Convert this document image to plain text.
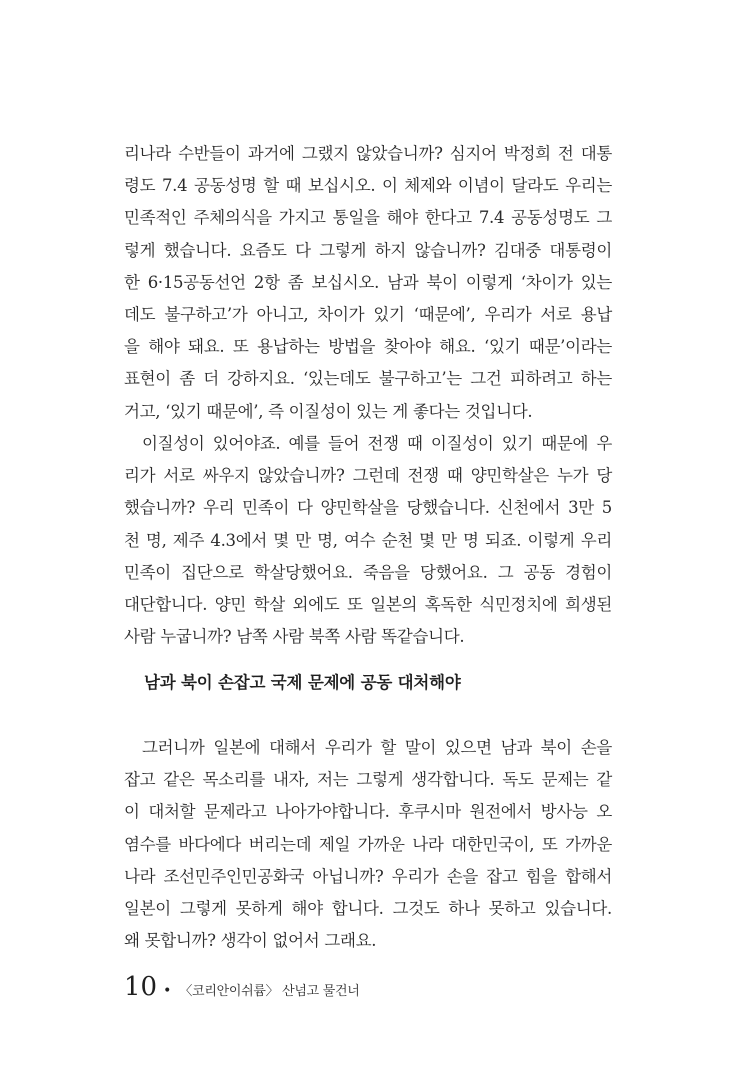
리나라 수반들이 과거에 그랬지 않았습니까? 심지어 박정희 전 대통
령도 7.4 공동성명 할 때 보십시오. 이 체제와 이념이 달라도 우리는
민족적인 주체의식을 가지고 통일을 해야 한다고 7.4 공동성명도 그
렇게 했습니다. 요즘도 다 그렇게 하지 않습니까? 김대중 대통령이
한 6·15공동선언 2항 좀 보십시오. 남과 북이 이렇게 ‘차이가 있는
데도 불구하고’가 아니고, 차이가 있기 ‘때문에’, 우리가 서로 용납
을 해야 돼요. 또 용납하는 방법을 찾아야 해요. ‘있기 때문’이라는
표현이 좀 더 강하지요. ‘있는데도 불구하고’는 그건 피하려고 하는
거고, ‘있기 때문에’, 즉 이질성이 있는 게 좋다는 것입니다.
이질성이 있어야죠. 예를 들어 전쟁 때 이질성이 있기 때문에 우
리가 서로 싸우지 않았습니까? 그런데 전쟁 때 양민학살은 누가 당
했습니까? 우리 민족이 다 양민학살을 당했습니다. 신천에서 3만 5
천 명, 제주 4.3에서 몇 만 명, 여수 순천 몇 만 명 되죠. 이렇게 우리
민족이 집단으로 학살당했어요. 죽음을 당했어요. 그 공동 경험이
대단합니다. 양민 학살 외에도 또 일본의 혹독한 식민정치에 희생된
사람 누굽니까? 남쪽 사람 북쪽 사람 똑같습니다.
남과 북이 손잡고 국제 문제에 공동 대처해야
그러니까 일본에 대해서 우리가 할 말이 있으면 남과 북이 손을
잡고 같은 목소리를 내자, 저는 그렇게 생각합니다. 독도 문제는 같
이 대처할 문제라고 나아가야합니다. 후쿠시마 원전에서 방사능 오
염수를 바다에다 버리는데 제일 가까운 나라 대한민국이, 또 가까운
나라 조선민주인민공화국 아닙니까? 우리가 손을 잡고 힘을 합해서
일본이 그렇게 못하게 해야 합니다. 그것도 하나 못하고 있습니다.
왜 못합니까? 생각이 없어서 그래요.
10 • 〈코리안이쉬륨〉 산넘고 물건너
